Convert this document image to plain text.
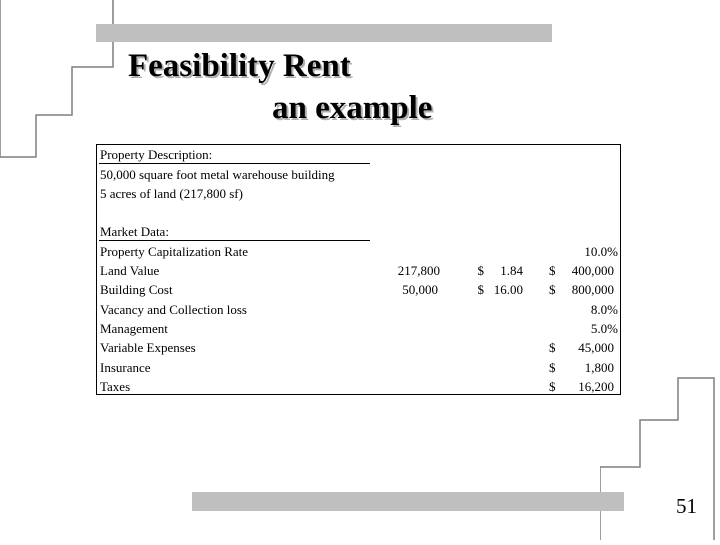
Feasibility Rent
an example
Property Description:
50,000 square foot metal warehouse building
5 acres of land (217,800 sf)
Market Data:
Property Capitalization Rate	10.0%
Land Value	217,800	$     1.84 $     400,000
Building Cost	50,000	$   16.00 $     800,000
Vacancy and Collection loss	8.0%
Management	5.0%
Variable Expenses	$       45,000
Insurance	$         1,800
Taxes	$       16,200
51
